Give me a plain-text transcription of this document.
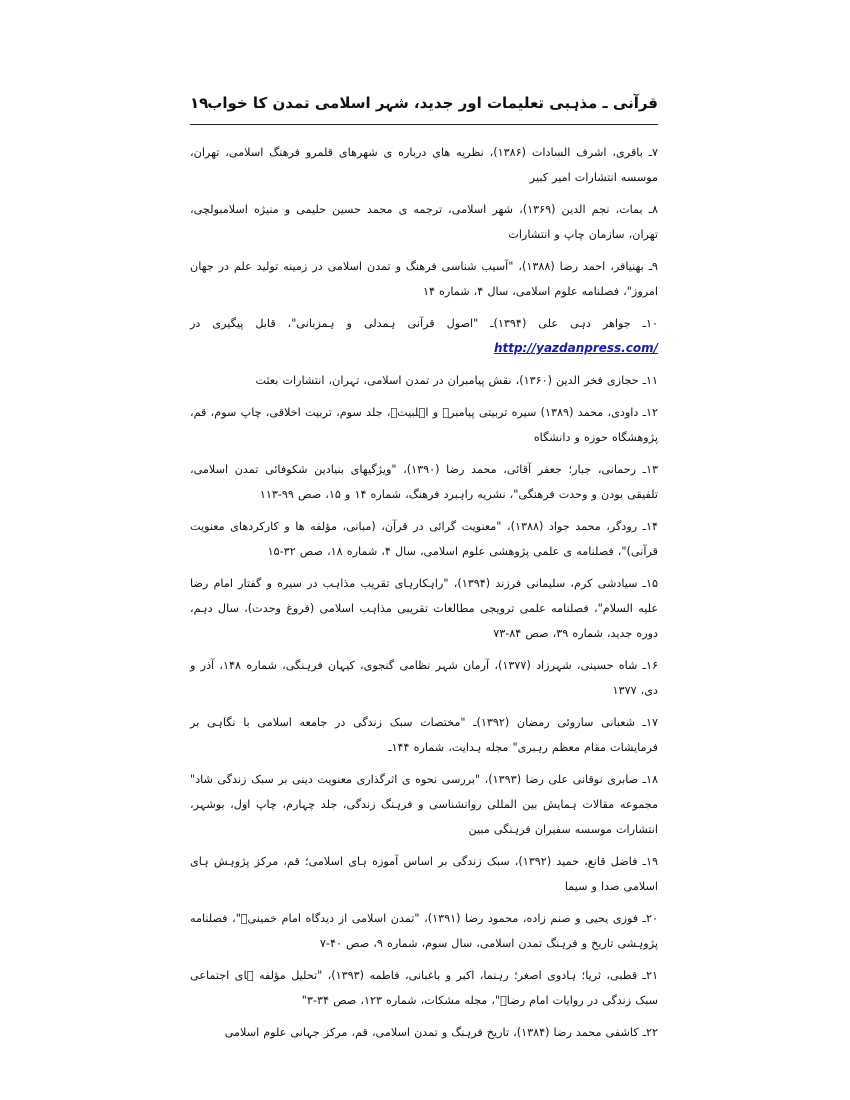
قرآنی ـ مذہبی تعلیمات اور جدید، شہر اسلامی تمدن کا خواب
۱۹
۷ـ باقری، اشرف السادات (۱۳۸۶)، نظریه های درباره ی شهرهای قلمرو فرهنگ اسلامی، تهران، موسسه انتشارات امیر کبیر
۸ـ بمات، نجم الدین (۱۳۶۹)، شهر اسلامی، ترجمه ی محمد حسین حلیمی و منیژه اسلامبولچی، تهران، سازمان چاپ و انتشارات
۹ـ بهنیافر، احمد رضا (۱۳۸۸)، "آسیب شناسی فرهنگ و تمدن اسلامی در زمینه تولید علم در جهان امروز"، فصلنامه علوم اسلامی، سال ۴، شماره ۱۴
۱۰ـ جواهر دہی علی (۱۳۹۴)ـ "اصول قرآنی ہمدلی و ہمزبانی"، قابل پیگیری در http://yazdanpress.com/
۱۱ـ حجازی فخر الدین (۱۳۶۰)، نقش پیامبران در تمدن اسلامی، تہران، انتشارات بعثت
۱۲ـ داودی، محمد (۱۳۸۹) سیره تربیتی پیامبرؐ و اہلبیتؑ، جلد سوم، تربیت اخلاقی، چاپ سوم، قم، پژوهشگاه حوزه و دانشگاه
۱۳ـ رحمانی، جبار؛ جعفر آقائی، محمد رضا (۱۳۹۰)، "ویژگیهای بنیادین شکوفائی تمدن اسلامی، تلفیقی بودن و وحدت فرهنگی"، نشریه راہبرد فرهنگ، شماره ۱۴ و ۱۵، صص ۹۹-۱۱۳
۱۴ـ رودگر، محمد جواد (۱۳۸۸)، "معنویت گرائی در قرآن، (مبانی، مؤلفه ها و کارکردهای معنویت قرآنی)"، فصلنامه ی علمی پژوهشی علوم اسلامی، سال ۴، شماره ۱۸، صص ۳۲-۱۵
۱۵ـ سیادشی کرم، سلیمانی فرزند (۱۳۹۴)، "راہکارہای تقریب مذاہب در سیره و گفتار امام رضا علیه السلام"، فصلنامه علمی ترویجی مطالعات تقریبی مذاہب اسلامی (فروغ وحدت)، سال دہم، دوره جدید، شماره ۳۹، صص ۸۴-۷۳
۱۶ـ شاه حسینی، شہرزاد (۱۳۷۷)، آرمان شہر نظامی گنجوی، کیہان فرہنگی، شماره ۱۴۸، آذر و دی، ۱۳۷۷
۱۷ـ شعبانی ساروئی رمضان (۱۳۹۲)ـ "مختصات سبک زندگی در جامعه اسلامی با نگاہی بر فرمایشات مقام معظم رہبری" مجله ہدایت، شماره ۱۴۴ـ
۱۸ـ صابری نوقانی علی رضا (۱۳۹۳)، "بررسی نحوه ی اثرگذاری معنویت دینی بر سبک زندگی شاد" مجموعه مقالات ہمایش بین المللی روانشناسی و فرہنگ زندگی، جلد چہارم، چاپ اول، بوشہر، انتشارات موسسه سفیران فرہنگی مبین
۱۹ـ فاضل قانع، حمید (۱۳۹۲)، سبک زندگی بر اساس آموزه ہای اسلامی؛ قم، مرکز پژوہش ہای اسلامی صدا و سیما
۲۰ـ فوزی یحیی و صنم زاده، محمود رضا (۱۳۹۱)، "تمدن اسلامی از دیدگاه امام خمینیؒ"، فصلنامه پژوہشی تاریخ و فرہنگ تمدن اسلامی، سال سوم، شماره ۹، صص ۴۰-۷
۲۱ـ قطبی، ثریا؛ ہادوی اصغر؛ رہنما، اکبر و باغبانی، فاطمه (۱۳۹۳)، "تحلیل مؤلفه ہای اجتماعی سبک زندگی در روایات امام رضاؑ"، مجله مشکات، شماره ۱۲۳، صص ۳۴-۳"
۲۲ـ کاشفی محمد رضا (۱۳۸۴)، تاریخ فرہنگ و تمدن اسلامی، قم، مرکز جہانی علوم اسلامی
